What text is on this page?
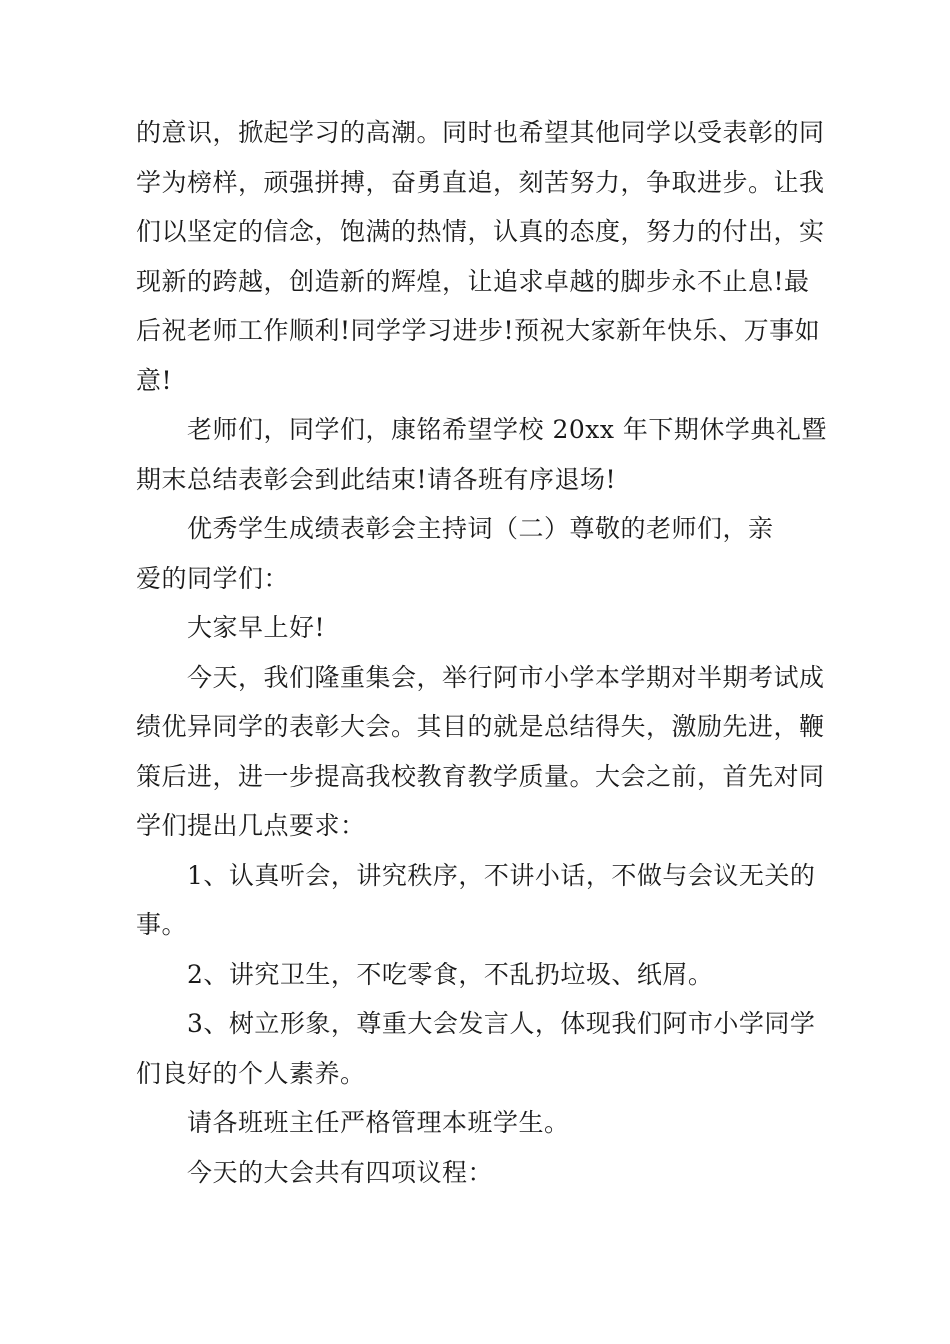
的意识，掀起学习的高潮。同时也希望其他同学以受表彰的同
学为榜样，顽强拼搏，奋勇直追，刻苦努力，争取进步。让我
们以坚定的信念，饱满的热情，认真的态度，努力的付出，实
现新的跨越，创造新的辉煌，让追求卓越的脚步永不止息!最
后祝老师工作顺利!同学学习进步!预祝大家新年快乐、万事如
意!
老师们，同学们，康铭希望学校 20xx 年下期休学典礼暨
期末总结表彰会到此结束!请各班有序退场!
优秀学生成绩表彰会主持词（二）尊敬的老师们，亲
爱的同学们：
大家早上好!
今天，我们隆重集会，举行阿市小学本学期对半期考试成
绩优异同学的表彰大会。其目的就是总结得失，激励先进，鞭
策后进，进一步提高我校教育教学质量。大会之前，首先对同
学们提出几点要求：
1、认真听会，讲究秩序，不讲小话，不做与会议无关的
事。
2、讲究卫生，不吃零食，不乱扔垃圾、纸屑。
3、树立形象，尊重大会发言人，体现我们阿市小学同学
们良好的个人素养。
请各班班主任严格管理本班学生。
今天的大会共有四项议程：
